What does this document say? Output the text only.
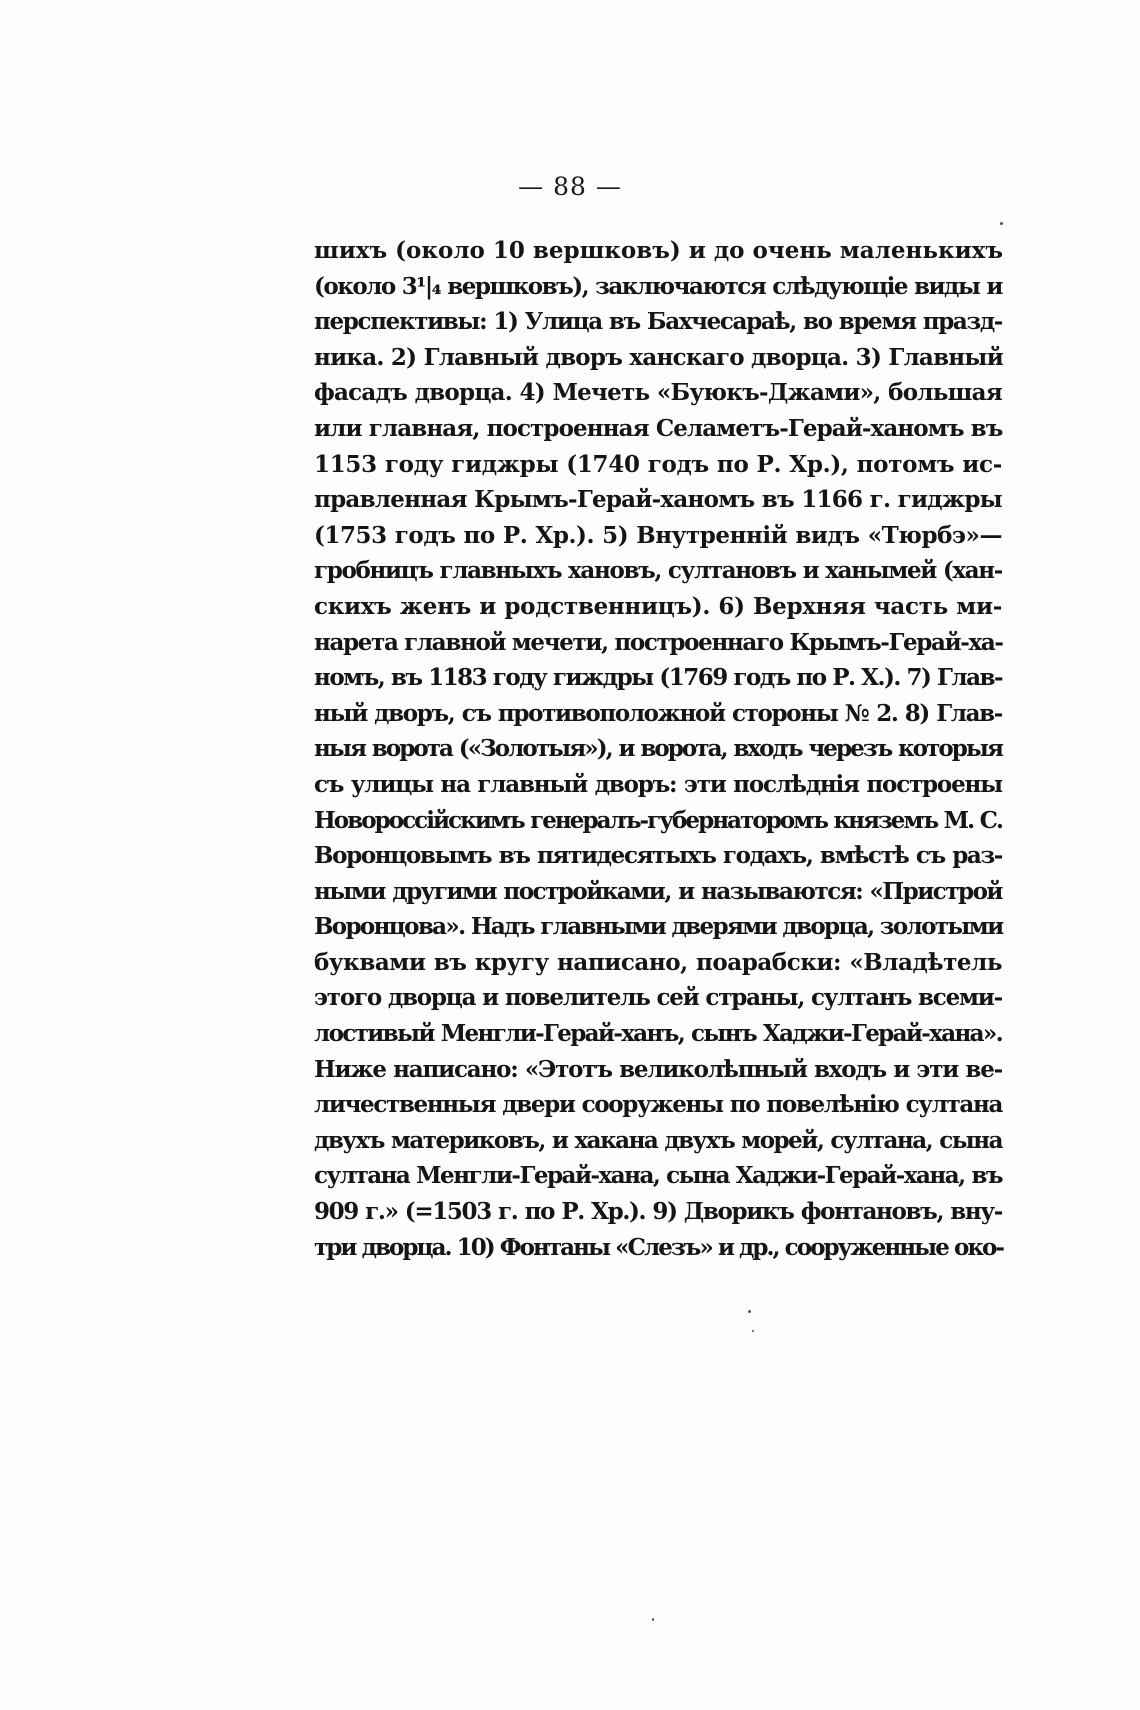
— 88 —
шихъ (около 10 вершковъ) и до очень маленькихъ
(около 3¹|₄ вершковъ), заключаются слѣдующіе виды и
перспективы: 1) Улица въ Бахчесараѣ, во время празд-
ника. 2) Главный дворъ ханскаго дворца. 3) Главный
фасадъ дворца. 4) Мечеть «Буюкъ-Джами», большая
или главная, построенная Селаметъ-Герай-ханомъ въ
1153 году гиджры (1740 годъ по Р. Хр.), потомъ ис-
правленная Крымъ-Герай-ханомъ въ 1166 г. гиджры
(1753 годъ по Р. Хр.). 5) Внутренній видъ «Тюрбэ»—
гробницъ главныхъ хановъ, султановъ и ханымей (хан-
скихъ женъ и родственницъ). 6) Верхняя часть ми-
нарета главной мечети, построеннаго Крымъ-Герай-ха-
номъ, въ 1183 году гиждры (1769 годъ по Р. Х.). 7) Глав-
ный дворъ, съ противоположной стороны № 2. 8) Глав-
ныя ворота («Золотыя»), и ворота, входъ черезъ которыя
съ улицы на главный дворъ: эти послѣднія построены
Новороссійскимъ генералъ-губернаторомъ княземъ М. С.
Воронцовымъ въ пятидесятыхъ годахъ, вмѣстѣ съ раз-
ными другими постройками, и называются: «Пристрой
Воронцова». Надъ главными дверями дворца, золотыми
буквами въ кругу написано, поарабски: «Владѣтель
этого дворца и повелитель сей страны, султанъ всеми-
лостивый Менгли-Герай-ханъ, сынъ Хаджи-Герай-хана».
Ниже написано: «Этотъ великолѣпный входъ и эти ве-
личественныя двери сооружены по повелѣнію султана
двухъ материковъ, и хакана двухъ морей, султана, сына
султана Менгли-Герай-хана, сына Хаджи-Герай-хана, въ
909 г.» (=1503 г. по Р. Хр.). 9) Дворикъ фонтановъ, вну-
три дворца. 10) Фонтаны «Слезъ» и др., сооруженные око-
